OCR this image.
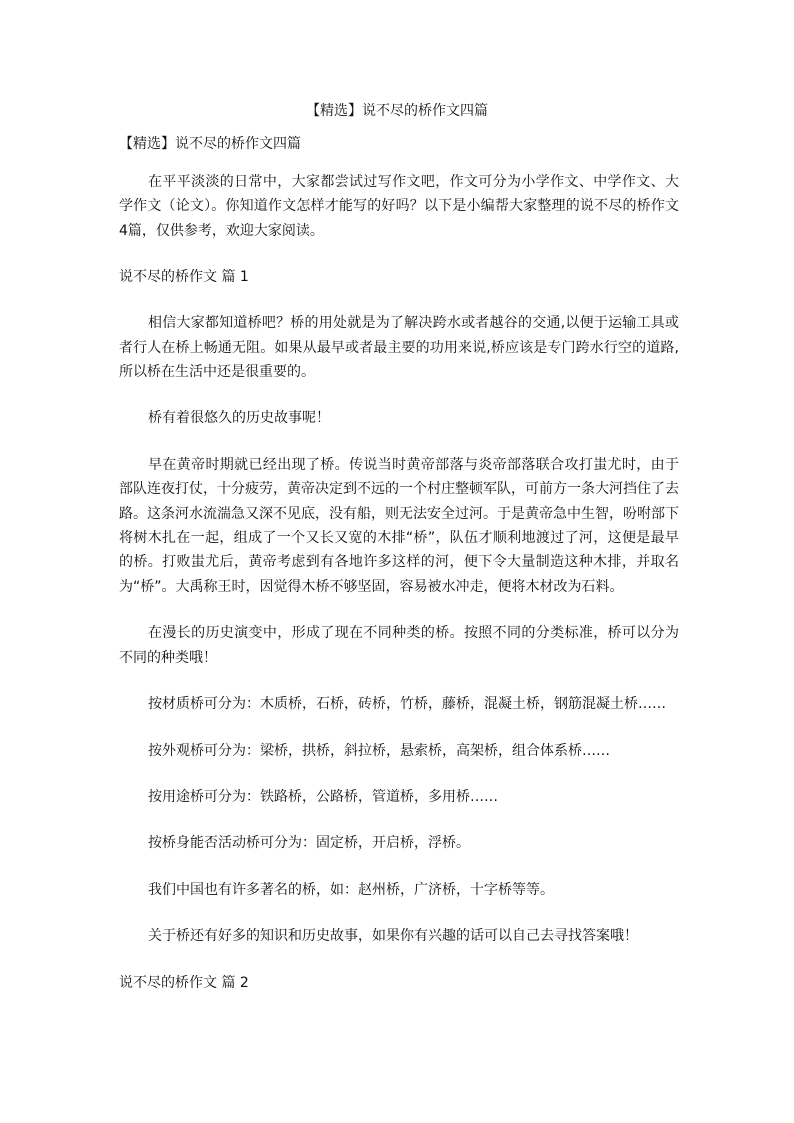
【精选】说不尽的桥作文四篇
【精选】说不尽的桥作文四篇

在平平淡淡的日常中，大家都尝试过写作文吧，作文可分为小学作文、中学作文、大学作文（论文）。你知道作文怎样才能写的好吗？以下是小编帮大家整理的说不尽的桥作文4篇，仅供参考，欢迎大家阅读。

说不尽的桥作文 篇 1

相信大家都知道桥吧？桥的用处就是为了解决跨水或者越谷的交通,以便于运输工具或者行人在桥上畅通无阻。如果从最早或者最主要的功用来说,桥应该是专门跨水行空的道路,所以桥在生活中还是很重要的。

桥有着很悠久的历史故事呢！

早在黄帝时期就已经出现了桥。传说当时黄帝部落与炎帝部落联合攻打蚩尤时，由于部队连夜打仗，十分疲劳，黄帝决定到不远的一个村庄整顿军队，可前方一条大河挡住了去路。这条河水流湍急又深不见底，没有船，则无法安全过河。于是黄帝急中生智，吩咐部下将树木扎在一起，组成了一个又长又宽的木排“桥”，队伍才顺利地渡过了河，这便是最早的桥。打败蚩尤后，黄帝考虑到有各地许多这样的河，便下令大量制造这种木排，并取名为“桥”。大禹称王时，因觉得木桥不够坚固，容易被水冲走，便将木材改为石料。

在漫长的历史演变中，形成了现在不同种类的桥。按照不同的分类标准，桥可以分为不同的种类哦！

按材质桥可分为：木质桥，石桥，砖桥，竹桥，藤桥，混凝土桥，钢筋混凝土桥……

按外观桥可分为：梁桥，拱桥，斜拉桥，悬索桥，高架桥，组合体系桥……

按用途桥可分为：铁路桥，公路桥，管道桥，多用桥……

按桥身能否活动桥可分为：固定桥，开启桥，浮桥。

我们中国也有许多著名的桥，如：赵州桥，广济桥，十字桥等等。

关于桥还有好多的知识和历史故事，如果你有兴趣的话可以自己去寻找答案哦！

说不尽的桥作文 篇 2
